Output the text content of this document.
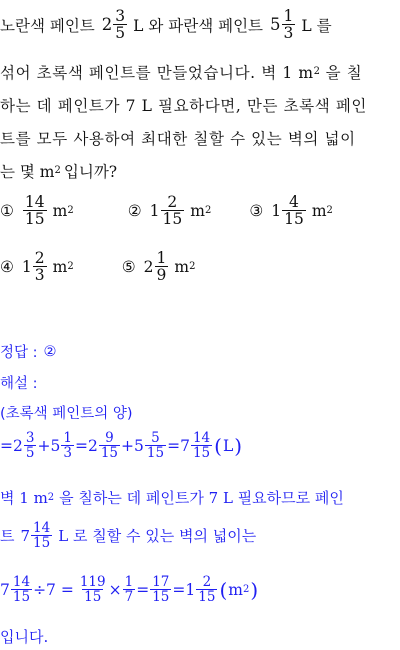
노란색 페인트 $2 \frac{3}{5}$ L 와 파란색 페인트 $5 \frac{1}{3}$ L 를
섞어 초록색 페인트를 만들었습니다. 벽 1 m 2 을 칠
하는 데 페인트가 7 L 필요하다면, 만든 초록색 페인
트를 모두 사용하여 최대한 칠할 수 있는 벽의 넓이
는 몇 m 2 입니까?
① $\frac{14}{15}$ m 2	② $1 \frac{2}{15}$ m 2 ③ $1 \frac{4}{15}$ m 2
④ $1 \frac{2}{3}$ m 2	⑤ $2 \frac{1}{9}$ m 2
정답 : ②
해설 :
(초록색 페인트의 양)
= $2 \frac{3}{5} + 5 \frac{1}{3} = 2 \frac{9}{15} + 5 \frac{5}{15} = 7 \frac{14}{15}$ ( L )
벽 1 m 2 을 칠하는 데 페인트가 7 L 필요하므로 페인
트 $7 \frac{14}{15}$ L 로 칠할 수 있는 벽의 넓이는
$7 \frac{14}{15} \div 7 = \frac{119}{15} \times \frac{1}{7} = \frac{17}{15} = 1 \frac{2}{15}$ ( m 2 )
입니다.
